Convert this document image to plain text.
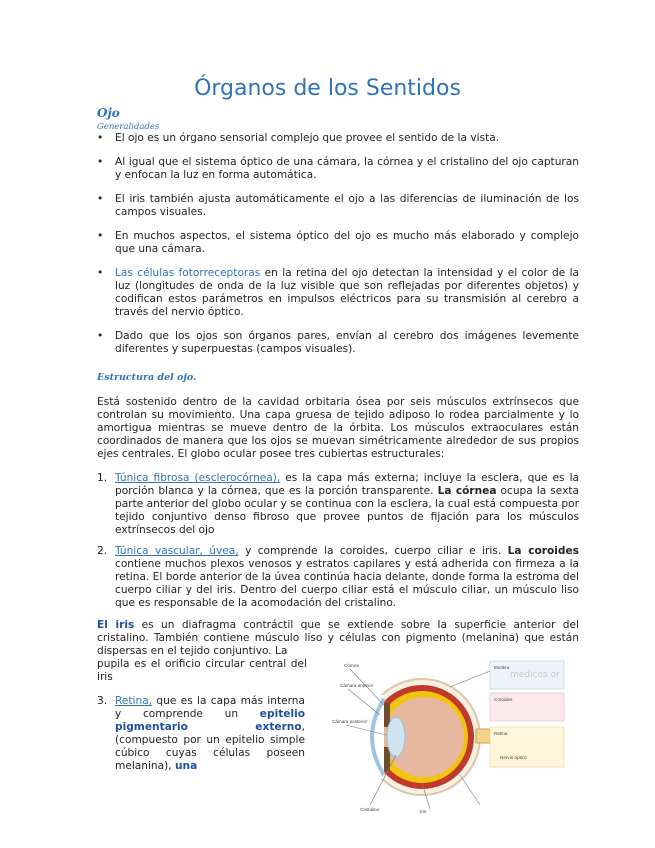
Órganos de los Sentidos
Ojo
Generalidades
• El ojo es un órgano sensorial complejo que provee el sentido de la vista.
• Al igual que el sistema óptico de una cámara, la córnea y el cristalino del ojo capturan y enfocan la luz en forma automática.
• El iris también ajusta automáticamente el ojo a las diferencias de iluminación de los campos visuales.
• En muchos aspectos, el sistema óptico del ojo es mucho más elaborado y complejo que una cámara.
• Las células fotorreceptoras en la retina del ojo detectan la intensidad y el color de la luz (longitudes de onda de la luz visible que son reflejadas por diferentes objetos) y codifican estos parámetros en impulsos eléctricos para su transmisión al cerebro a través del nervio óptico.
• Dado que los ojos son órganos pares, envían al cerebro dos imágenes levemente diferentes y superpuestas (campos visuales).
Estructura del ojo.

Está sostenido dentro de la cavidad orbitaria ósea por seis músculos extrínsecos que controlan su movimiento. Una capa gruesa de tejido adiposo lo rodea parcialmente y lo amortigua mientras se mueve dentro de la órbita. Los músculos extraoculares están coordinados de manera que los ojos se muevan simétricamente alrededor de sus propios ejes centrales. El globo ocular posee tres cubiertas estructurales:

1. Túnica fibrosa (esclerocórnea), es la capa más externa; incluye la esclera, que es la porción blanca y la córnea, que es la porción transparente. La córnea ocupa la sexta parte anterior del globo ocular y se continua con la esclera, la cual está compuesta por tejido conjuntivo denso fibroso que provee puntos de fijación para los músculos extrínsecos del ojo

2. Túnica vascular, úvea, y comprende la coroides, cuerpo ciliar e iris. La coroides contiene muchos plexos venosos y estratos capilares y está adherida con firmeza a la retina. El borde anterior de la úvea continúa hacia delante, donde forma la estroma del cuerpo ciliar y del iris. Dentro del cuerpo ciliar está el músculo ciliar, un músculo liso que es responsable de la acomodación del cristalino.

El iris es un diafragma contráctil que se extiende sobre la superficie anterior del cristalino. También contiene músculo liso y células con pigmento (melanina) que están dispersas en el tejido conjuntivo. La

pupila es el orificio circular central del iris

3. Retina, que es la capa más interna y comprende un epitelio pigmentario externo, (compuesto por un epitelio simple cúbico cuyas células poseen melanina), una

Córnea
Cámara anterior
Cámara posterior
Cristalino	Iris
Esclera
Coroides
Retina
Nervio óptico
medicos.or
